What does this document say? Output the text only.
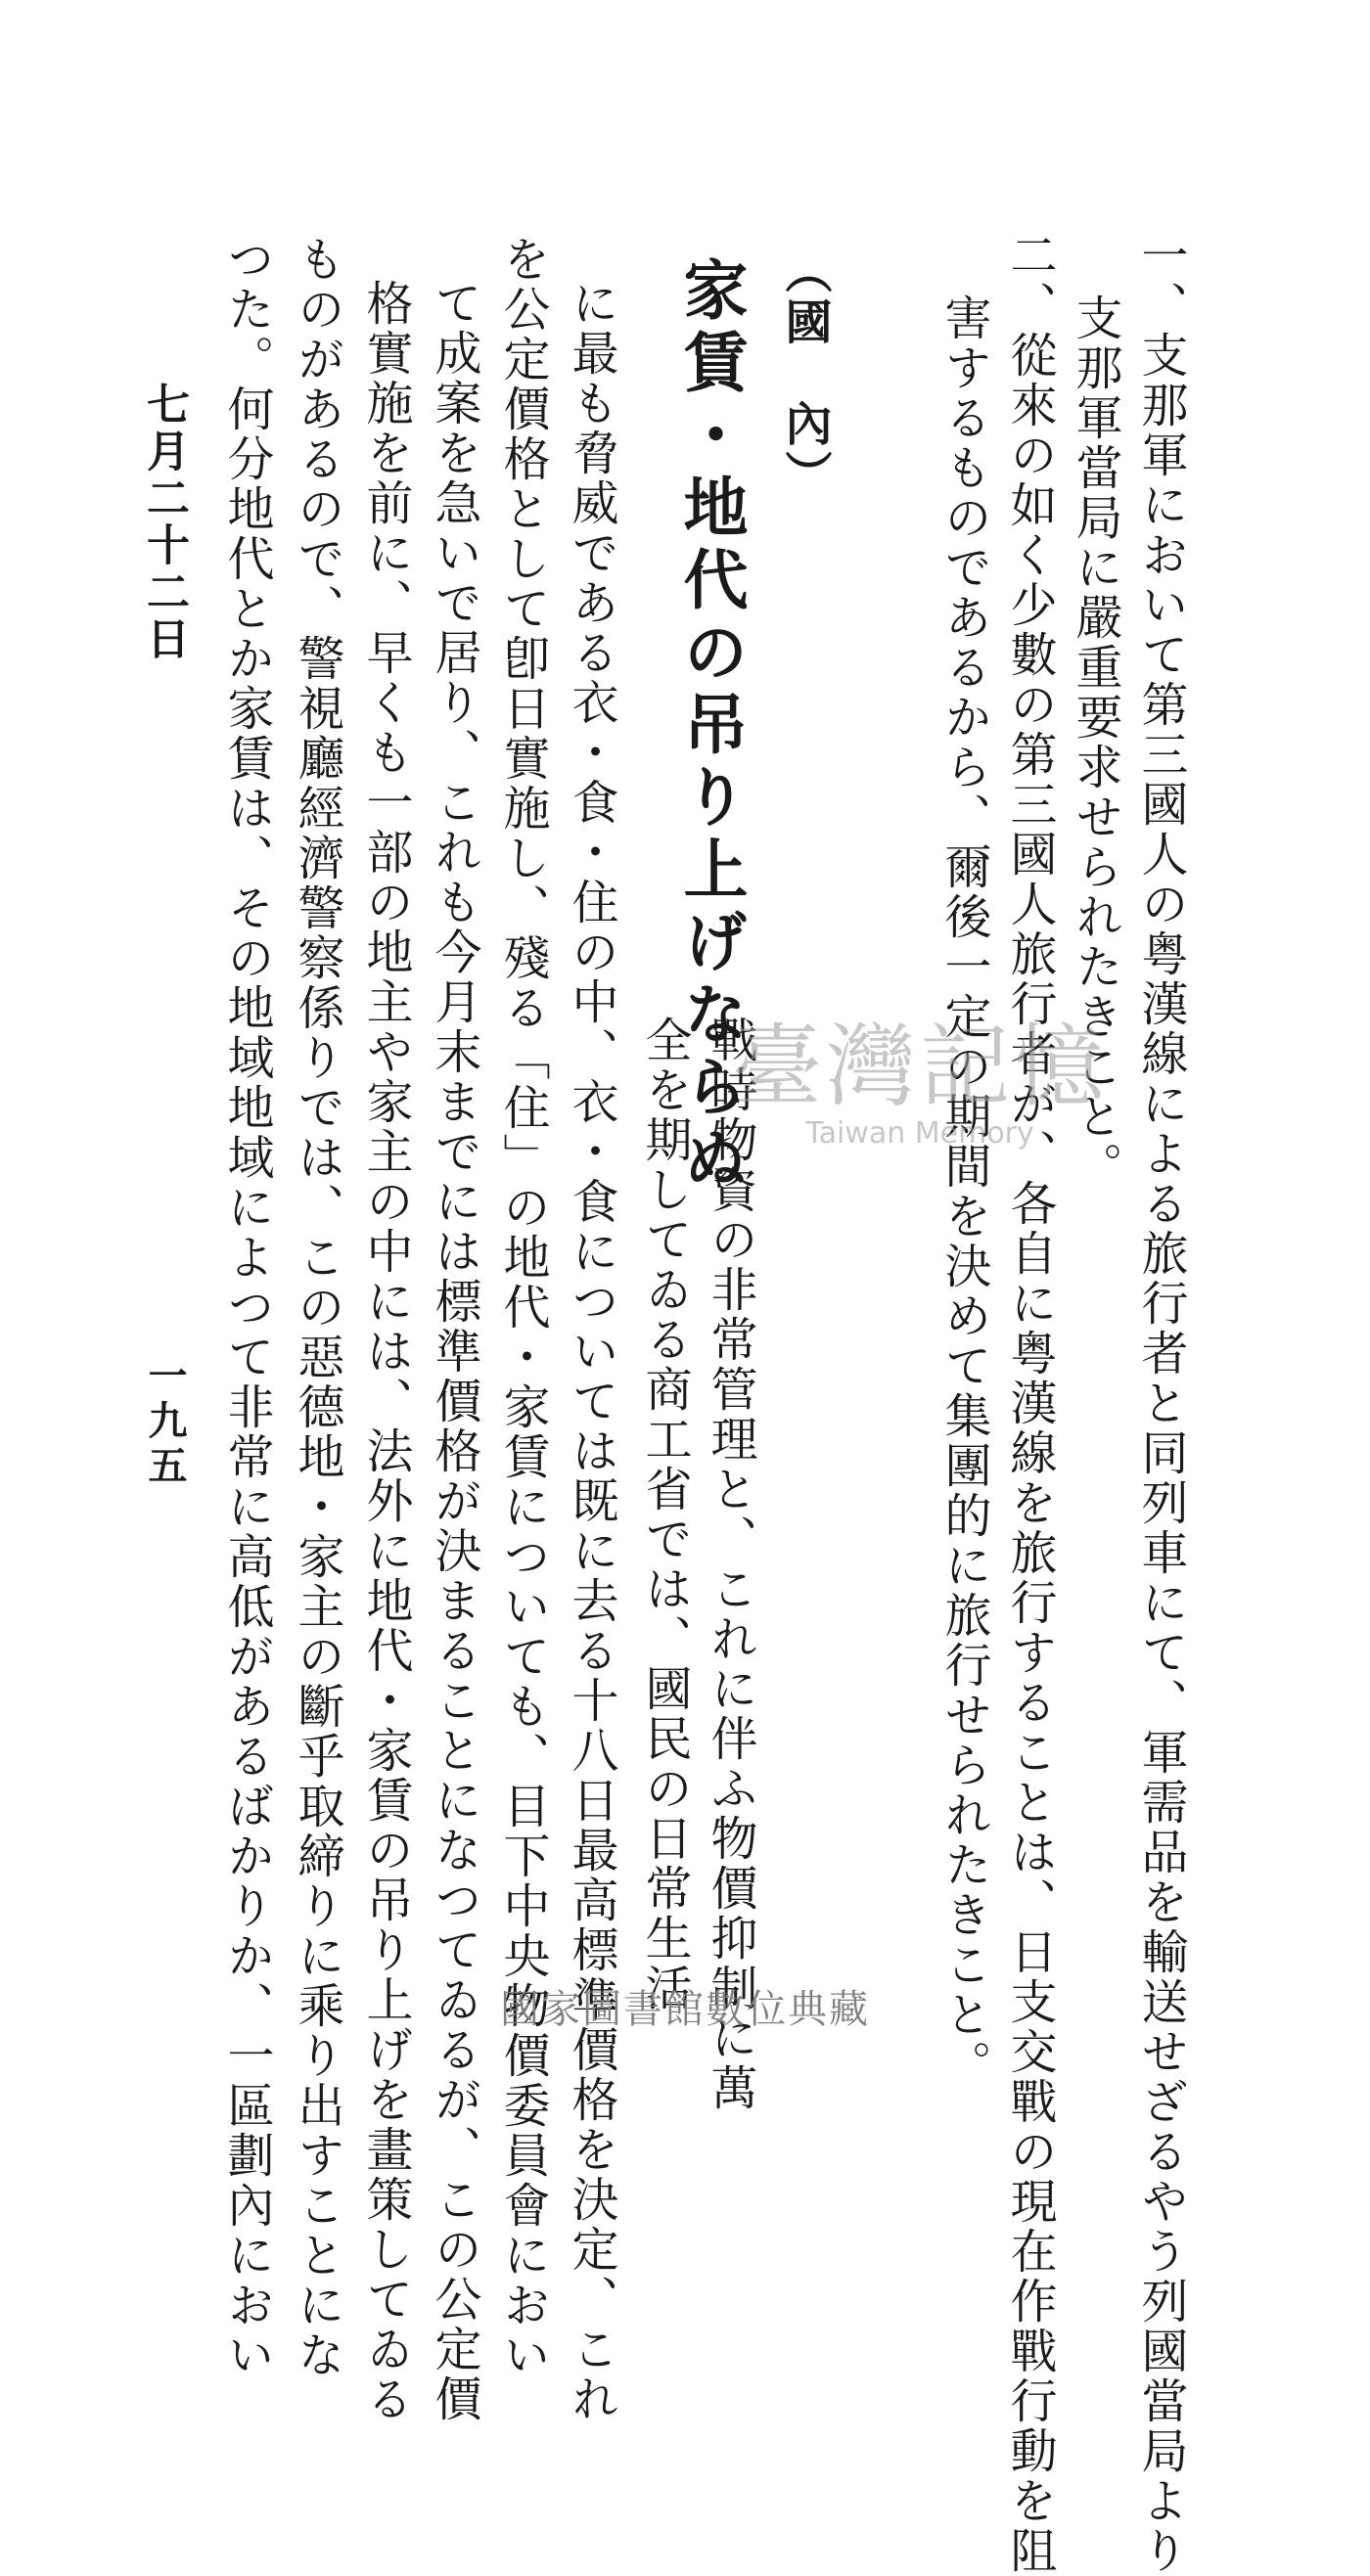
一、支那軍において第三國人の粤漢線による旅行者と同列車にて、軍需品を輸送せざるやう列國當局より
支那軍當局に嚴重要求せられたきこと。
二、從來の如く少數の第三國人旅行者が、各自に粤漢線を旅行することは、日支交戰の現在作戰行動を阻
害するものであるから、爾後一定の期間を決めて集團的に旅行せられたきこと。
（國　內）
家賃・地代の吊り上げならぬ
戰時物資の非常管理と、これに伴ふ物價抑制に萬
全を期してゐる商工省では、國民の日常生活
に最も脅威である衣・食・住の中、衣・食については既に去る十八日最高標準價格を決定、これ
を公定價格として卽日實施し、殘る「住」の地代・家賃についても、目下中央物價委員會におい
て成案を急いで居り、これも今月末までには標準價格が決まることになつてゐるが、この公定價
格實施を前に、早くも一部の地主や家主の中には、法外に地代・家賃の吊り上げを畫策してゐる
ものがあるので、警視廳經濟警察係りでは、この惡德地・家主の斷乎取締りに乘り出すことにな
つた。何分地代とか家賃は、その地域地域によつて非常に高低があるばかりか、一區劃內におい
七月二十二日
一九五
臺灣記憶
Taiwan Memory
國家圖書館數位典藏
